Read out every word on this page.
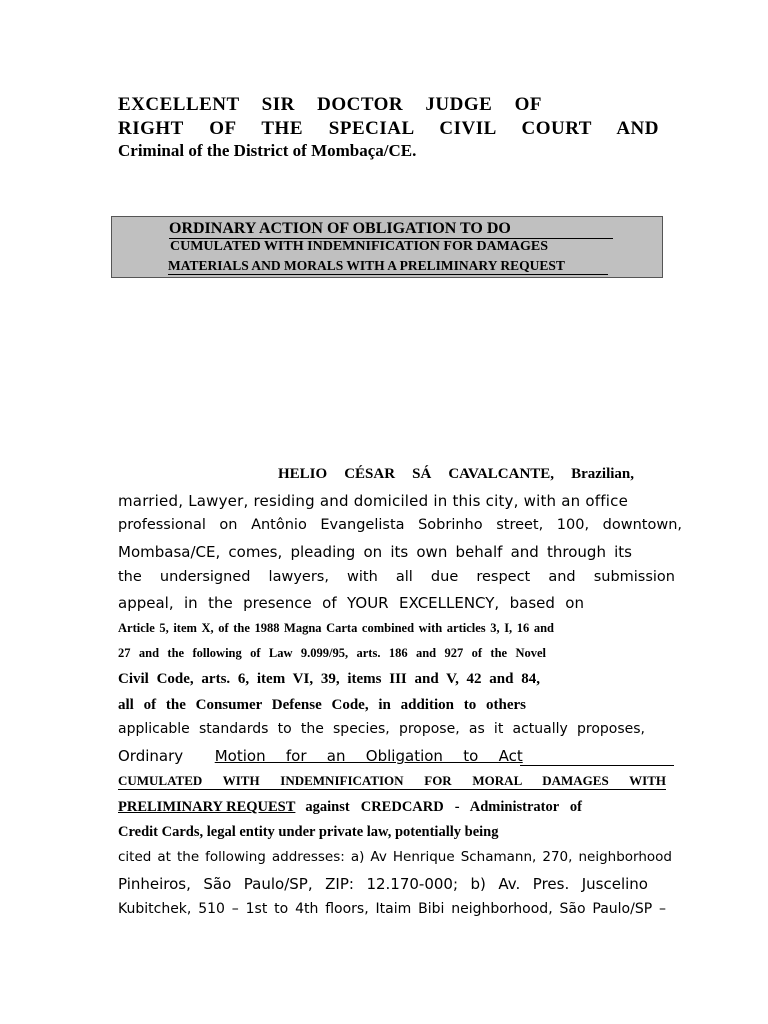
EXCELLENT SIR DOCTOR JUDGE OF
RIGHT OF THE SPECIAL CIVIL COURT AND
Criminal of the District of Mombaça/CE.
ORDINARY ACTION OF OBLIGATION TO DO
CUMULATED WITH INDEMNIFICATION FOR DAMAGES
MATERIALS AND MORALS WITH A PRELIMINARY REQUEST
HELIO CÉSAR SÁ CAVALCANTE, Brazilian,
married, Lawyer, residing and domiciled in this city, with an office
professional on Antônio Evangelista Sobrinho street, 100, downtown,
Mombasa/CE, comes, pleading on its own behalf and through its
the undersigned lawyers, with all due respect and submission
appeal, in the presence of YOUR EXCELLENCY, based on
Article 5, item X, of the 1988 Magna Carta combined with articles 3, I, 16 and
27 and the following of Law 9.099/95, arts. 186 and 927 of the Novel
Civil Code, arts. 6, item VI, 39, items III and V, 42 and 84,
all of the Consumer Defense Code, in addition to others
applicable standards to the species, propose, as it actually proposes,
Ordinary Motion for an Obligation to Act
CUMULATED WITH INDEMNIFICATION FOR MORAL DAMAGES WITH
PRELIMINARY REQUEST against CREDCARD - Administrator of
Credit Cards, legal entity under private law, potentially being
cited at the following addresses: a) Av Henrique Schamann, 270, neighborhood
Pinheiros, São Paulo/SP, ZIP: 12.170-000; b) Av. Pres. Juscelino
Kubitchek, 510 – 1st to 4th floors, Itaim Bibi neighborhood, São Paulo/SP –
